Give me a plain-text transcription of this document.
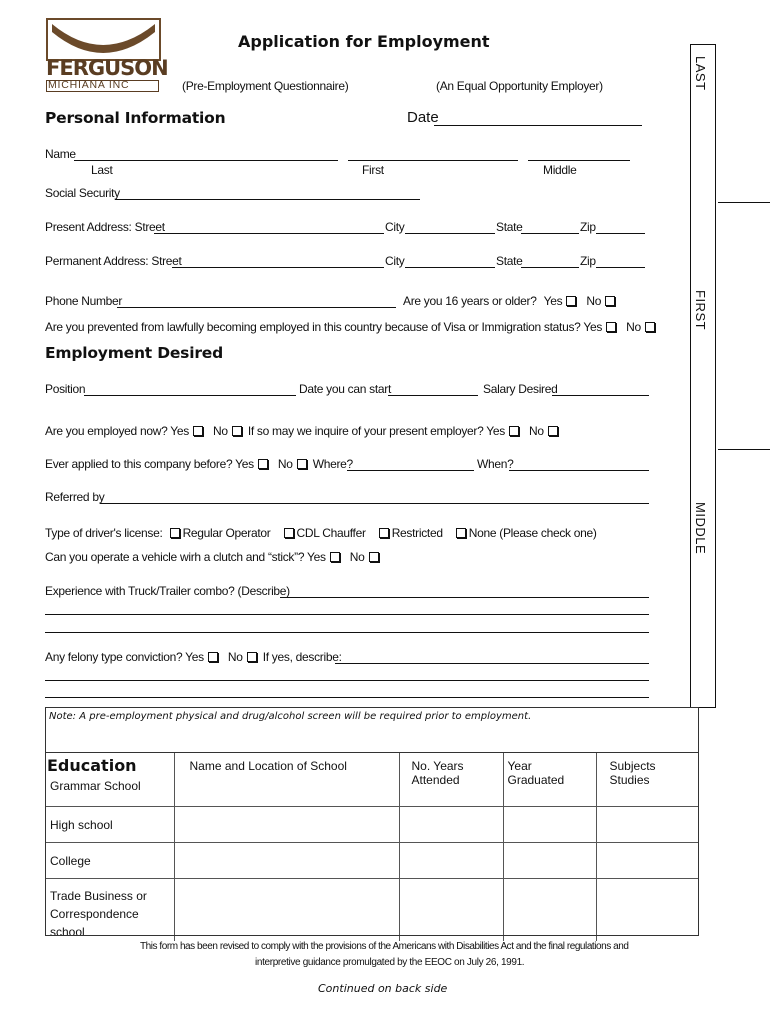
FERGUSON
MICHIANA INC
Application for Employment
(Pre-Employment Questionnaire)	(An Equal Opportunity Employer)
Personal Information	Date
Name
Last	First	Middle
Social Security
Present Address: Street	City	State	Zip
Permanent Address: Street	City	State	Zip
Phone Number	Are you 16 years or older? Yes No
Are you prevented from lawfully becoming employed in this country because of Visa or Immigration status? Yes No
Employment Desired
Position	Date you can start	Salary Desired
Are you employed now? Yes No If so may we inquire of your present employer? Yes No
Ever applied to this company before? Yes No Where?	When?
Referred by
Type of driver's license: Regular Operator CDL Chauffer Restricted None (Please check one)
Can you operate a vehicle wirh a clutch and “stick”? Yes No
Experience with Truck/Trailer combo? (Describe)
Any felony type conviction? Yes No If yes, describe:
LAST
FIRST
MIDDLE
Note: A pre-employment physical and drug/alcohol screen will be required prior to employment.
Education
Grammar School	Name and Location of School	No. Years Attended	Year Graduated	Subjects Studies

High school				

College				

Trade Business or Correspondence school				

This form has been revised to comply with the provisions of the Americans with Disabilities Act and the final regulations and
interpretive guidance promulgated by the EEOC on July 26, 1991.
Continued on back side
